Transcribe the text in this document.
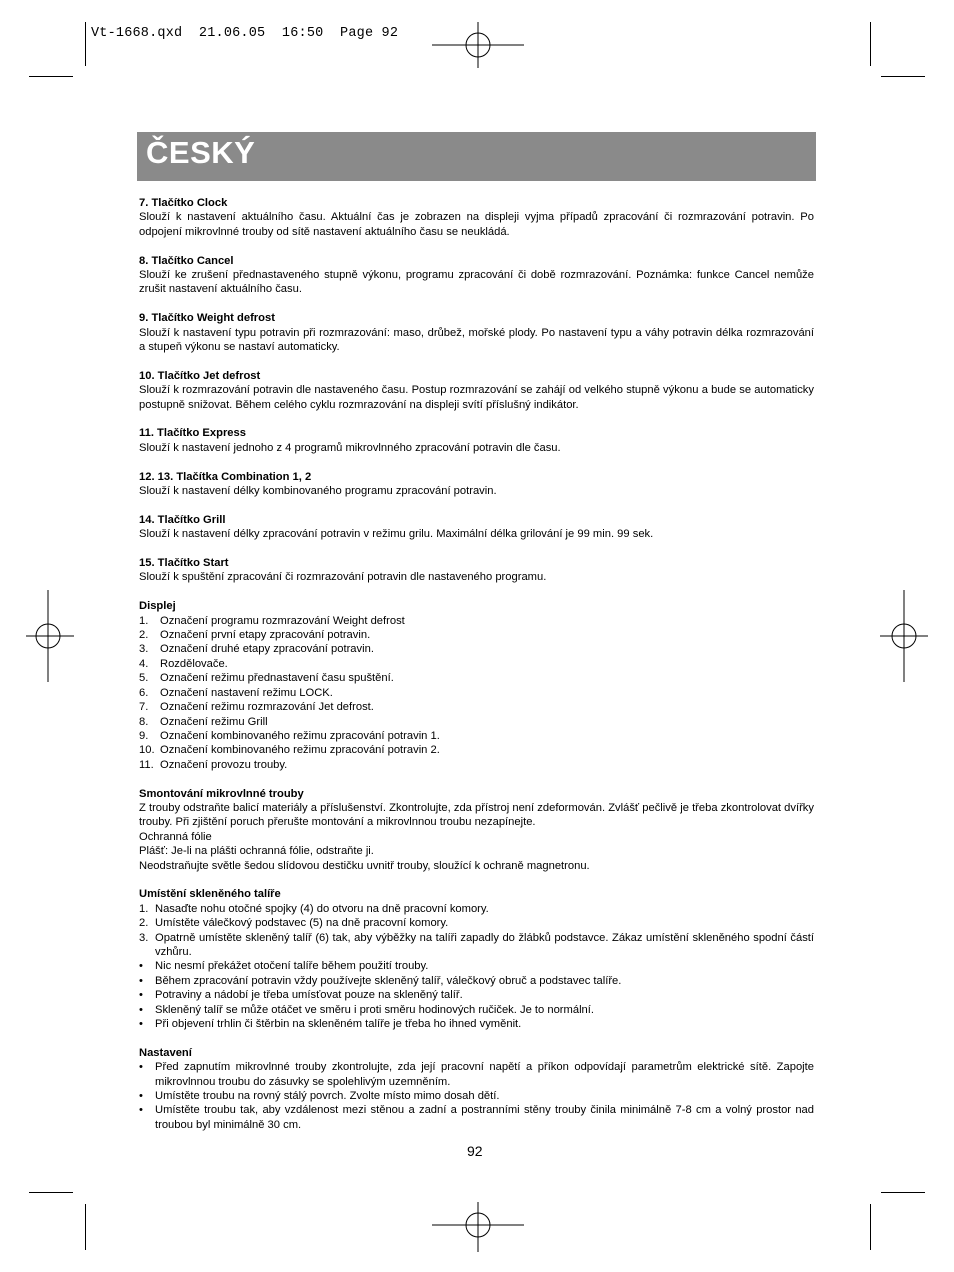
Vt-1668.qxd  21.06.05  16:50  Page 92
ČESKÝ
7. Tlačítko Clock

Slouží k nastavení aktuálního času. Aktuální čas je zobrazen na displeji vyjma případů zpracování či rozmrazování potravin. Po odpojení mikrovlnné trouby od sítě nastavení aktuálního času se neukládá.

8. Tlačítko Cancel

Slouží ke zrušení přednastaveného stupně výkonu, programu zpracování či době rozmrazování. Poznámka: funkce Cancel nemůže zrušit nastavení aktuálního času.

9. Tlačítko Weight defrost

Slouží k nastavení typu potravin při rozmrazování: maso, drůbež, mořské plody. Po nastavení typu a váhy potravin délka rozmrazování a stupeň výkonu se nastaví automaticky.

10. Tlačítko Jet defrost

Slouží k rozmrazování potravin dle nastaveného času. Postup rozmrazování se zahájí od velkého stupně výkonu a bude se automaticky postupně snižovat. Během celého cyklu rozmrazování na displeji svítí příslušný indikátor.

11. Tlačítko Express

Slouží k nastavení jednoho z 4 programů mikrovlnného zpracování potravin dle času.

12. 13. Tlačítka Combination 1, 2

Slouží k nastavení délky kombinovaného programu zpracování potravin.

14. Tlačítko Grill

Slouží k nastavení délky zpracování potravin v režimu grilu. Maximální délka grilování je 99 min. 99 sek.

15. Tlačítko Start

Slouží k spuštění zpracování či rozmrazování potravin dle nastaveného programu.

Displej
1. Označení programu rozmrazování Weight defrost
2. Označení první etapy zpracování potravin.
3. Označení druhé etapy zpracování potravin.
4. Rozdělovače.
5. Označení režimu přednastavení času spuštění.
6. Označení nastavení režimu LOCK.
7. Označení režimu rozmrazování Jet defrost.
8. Označení režimu Grill
9. Označení kombinovaného režimu zpracování potravin 1.
10. Označení kombinovaného režimu zpracování potravin 2.
11. Označení provozu trouby.
Smontování mikrovlnné trouby

Z trouby odstraňte balicí materiály a příslušenství. Zkontrolujte, zda přístroj není zdeformován. Zvlášť pečlivě je třeba zkontrolovat dvířky trouby. Při zjištění poruch přerušte montování a mikrovlnnou troubu nezapínejte.

Ochranná fólie

Plášť: Je-li na plášti ochranná fólie, odstraňte ji.

Neodstraňujte světle šedou slídovou destičku uvnitř trouby, sloužící k ochraně magnetronu.

Umístění skleněného talíře
1. Nasaďte nohu otočné spojky (4) do otvoru na dně pracovní komory.
2. Umístěte válečkový podstavec (5) na dně pracovní komory.
3. Opatrně umístěte skleněný talíř (6) tak, aby výběžky na talíři zapadly do žlábků podstavce. Zákaz umístění skleněného spodní částí vzhůru.
• Nic nesmí překážet otočení talíře během použití trouby.
• Během zpracování potravin vždy používejte skleněný talíř, válečkový obruč a podstavec talíře.
• Potraviny a nádobí je třeba umísťovat pouze na skleněný talíř.
• Skleněný talíř se může otáčet ve směru i proti směru hodinových ručiček. Je to normální.
• Při objevení trhlin či štěrbin na skleněném talíře je třeba ho ihned vyměnit.
Nastavení
• Před zapnutím mikrovlnné trouby zkontrolujte, zda její pracovní napětí a příkon odpovídají parametrům elektrické sítě. Zapojte mikrovlnnou troubu do zásuvky se spolehlivým uzemněním.
• Umístěte troubu na rovný stálý povrch. Zvolte místo mimo dosah dětí.
• Umístěte troubu tak, aby vzdálenost mezi stěnou a zadní a postranními stěny trouby činila minimálně 7-8 cm a volný prostor nad troubou byl minimálně 30 cm.
92
